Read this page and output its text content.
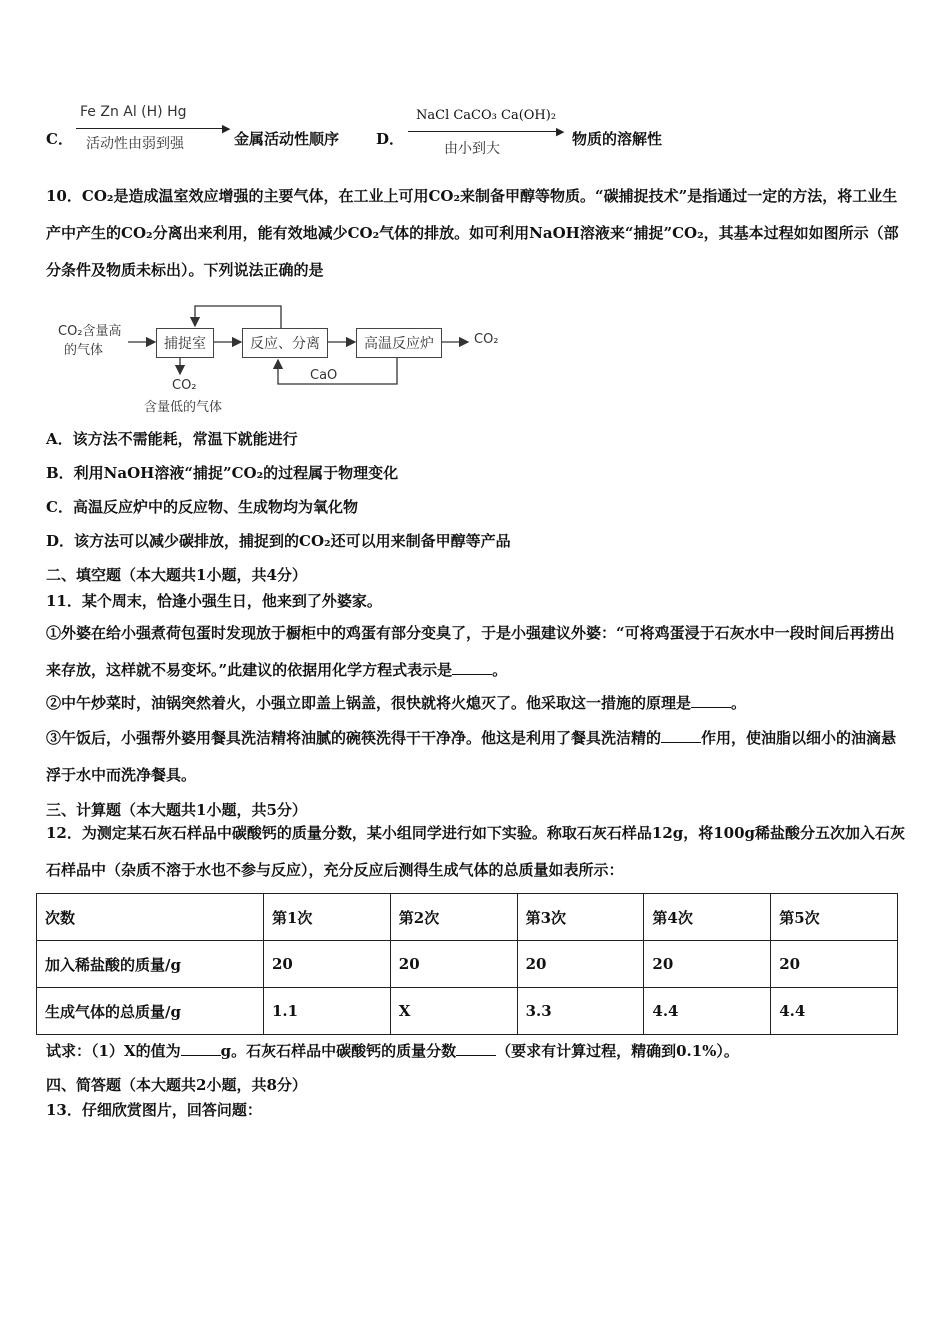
C．
Fe Zn Al (H) Hg
▶
活动性由弱到强	金属活动性顺序 D．
NaCl CaCO₃ Ca(OH)₂
▶
由小到大
物质的溶解性
10．CO₂是造成温室效应增强的主要气体，在工业上可用CO₂来制备甲醇等物质。“碳捕捉技术”是指通过一定的方法，将工业生产中产生的CO₂分离出来利用，能有效地减少CO₂气体的排放。如可利用NaOH溶液来“捕捉”CO₂，其基本过程如如图所示（部分条件及物质未标出）。下列说法正确的是
CO₂含量高
的气体	捕捉室	反应、分离	高温反应炉	CO₂
CaO
CO₂
含量低的气体
A．该方法不需能耗，常温下就能进行
B．利用NaOH溶液“捕捉”CO₂的过程属于物理变化
C．高温反应炉中的反应物、生成物均为氧化物
D．该方法可以减少碳排放，捕捉到的CO₂还可以用来制备甲醇等产品
二、填空题（本大题共1小题，共4分）
11．某个周末，恰逢小强生日，他来到了外婆家。
①外婆在给小强煮荷包蛋时发现放于橱柜中的鸡蛋有部分变臭了，于是小强建议外婆：“可将鸡蛋浸于石灰水中一段时间后再捞出来存放，这样就不易变坏。”此建议的依据用化学方程式表示是	。
②中午炒菜时，油锅突然着火，小强立即盖上锅盖，很快就将火熄灭了。他采取这一措施的原理是	。
③午饭后，小强帮外婆用餐具洗洁精将油腻的碗筷洗得干干净净。他这是利用了餐具洗洁精的	作用，使油脂以细小的油滴悬浮于水中而洗净餐具。
三、计算题（本大题共1小题，共5分）
12．为测定某石灰石样品中碳酸钙的质量分数，某小组同学进行如下实验。称取石灰石样品12g，将100g稀盐酸分五次加入石灰石样品中（杂质不溶于水也不参与反应），充分反应后测得生成气体的总质量如表所示：
次数	第1次	第2次	第3次	第4次	第5次
加入稀盐酸的质量/g	20	20	20	20	20
生成气体的总质量/g	1.1	X	3.3	4.4	4.4
试求：（1）X的值为	g。石灰石样品中碳酸钙的质量分数	（要求有计算过程，精确到0.1%）。
四、简答题（本大题共2小题，共8分）
13．仔细欣赏图片，回答问题：
